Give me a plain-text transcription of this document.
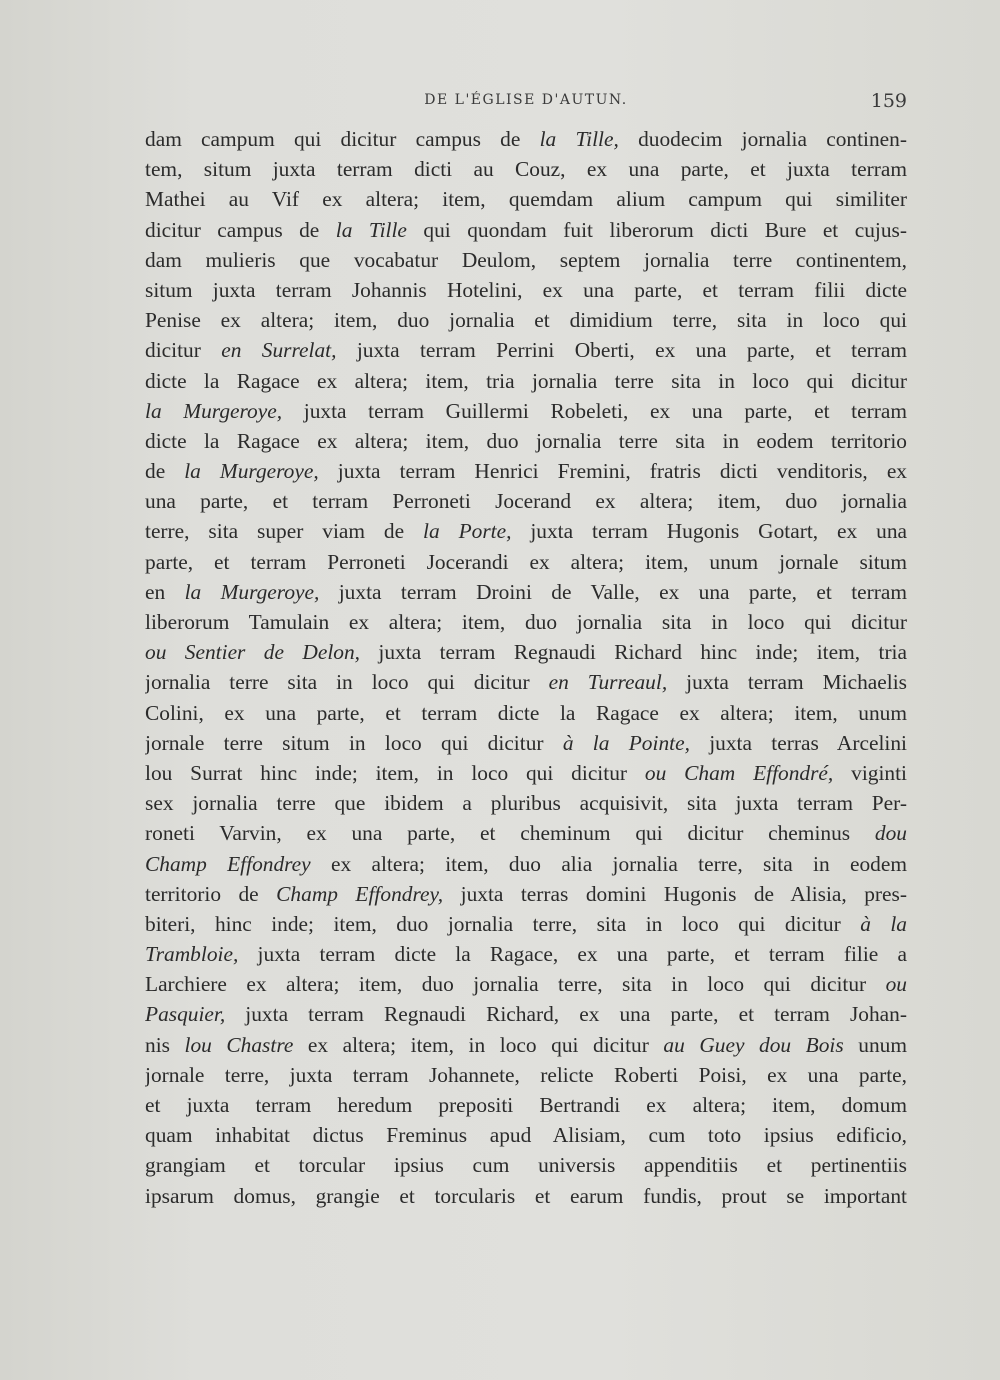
DE L'ÉGLISE D'AUTUN.	159
dam campum qui dicitur campus de la Tille, duodecim jornalia continen-
tem, situm juxta terram dicti au Couz, ex una parte, et juxta terram
Mathei au Vif ex altera; item, quemdam alium campum qui similiter
dicitur campus de la Tille qui quondam fuit liberorum dicti Bure et cujus-
dam mulieris que vocabatur Deulom, septem jornalia terre continentem,
situm juxta terram Johannis Hotelini, ex una parte, et terram filii dicte
Penise ex altera; item, duo jornalia et dimidium terre, sita in loco qui
dicitur en Surrelat, juxta terram Perrini Oberti, ex una parte, et terram
dicte la Ragace ex altera; item, tria jornalia terre sita in loco qui dicitur
la Murgeroye, juxta terram Guillermi Robeleti, ex una parte, et terram
dicte la Ragace ex altera; item, duo jornalia terre sita in eodem territorio
de la Murgeroye, juxta terram Henrici Fremini, fratris dicti venditoris, ex
una parte, et terram Perroneti Jocerand ex altera; item, duo jornalia
terre, sita super viam de la Porte, juxta terram Hugonis Gotart, ex una
parte, et terram Perroneti Jocerandi ex altera; item, unum jornale situm
en la Murgeroye, juxta terram Droini de Valle, ex una parte, et terram
liberorum Tamulain ex altera; item, duo jornalia sita in loco qui dicitur
ou Sentier de Delon, juxta terram Regnaudi Richard hinc inde; item, tria
jornalia terre sita in loco qui dicitur en Turreaul, juxta terram Michaelis
Colini, ex una parte, et terram dicte la Ragace ex altera; item, unum
jornale terre situm in loco qui dicitur à la Pointe, juxta terras Arcelini
lou Surrat hinc inde; item, in loco qui dicitur ou Cham Effondré, viginti
sex jornalia terre que ibidem a pluribus acquisivit, sita juxta terram Per-
roneti Varvin, ex una parte, et cheminum qui dicitur cheminus dou
Champ Effondrey ex altera; item, duo alia jornalia terre, sita in eodem
territorio de Champ Effondrey, juxta terras domini Hugonis de Alisia, pres-
biteri, hinc inde; item, duo jornalia terre, sita in loco qui dicitur à la
Trambloie, juxta terram dicte la Ragace, ex una parte, et terram filie a
Larchiere ex altera; item, duo jornalia terre, sita in loco qui dicitur ou
Pasquier, juxta terram Regnaudi Richard, ex una parte, et terram Johan-
nis lou Chastre ex altera; item, in loco qui dicitur au Guey dou Bois unum
jornale terre, juxta terram Johannete, relicte Roberti Poisi, ex una parte,
et juxta terram heredum prepositi Bertrandi ex altera; item, domum
quam inhabitat dictus Freminus apud Alisiam, cum toto ipsius edificio,
grangiam et torcular ipsius cum universis appenditiis et pertinentiis
ipsarum domus, grangie et torcularis et earum fundis, prout se important
